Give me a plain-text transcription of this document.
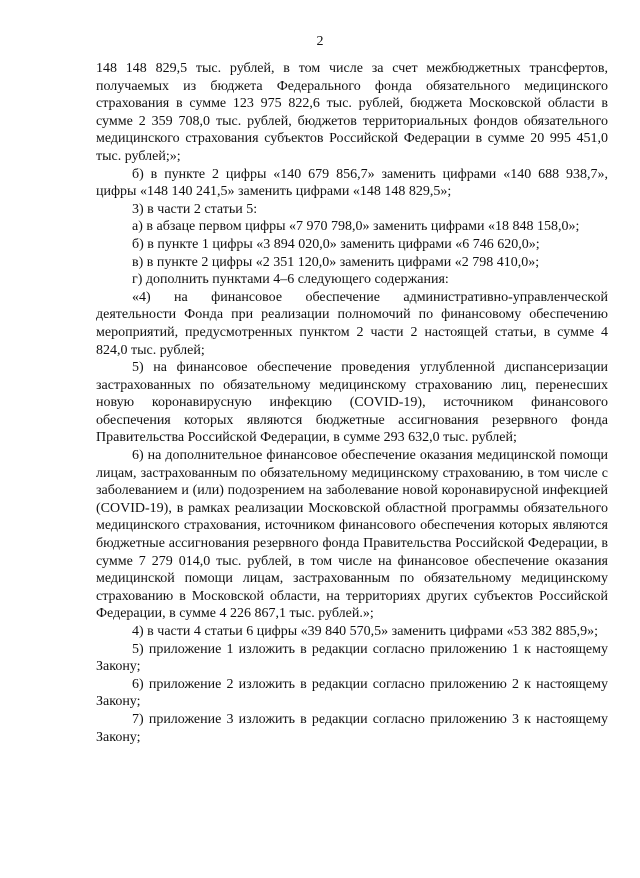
2

148 148 829,5 тыс. рублей, в том числе за счет межбюджетных трансфертов, получаемых из бюджета Федерального фонда обязательного медицинского страхования в сумме 123 975 822,6 тыс. рублей, бюджета Московской области в сумме 2 359 708,0 тыс. рублей, бюджетов территориальных фондов обязательного медицинского страхования субъектов Российской Федерации в сумме 20 995 451,0 тыс. рублей;»;

б) в пункте 2 цифры «140 679 856,7» заменить цифрами «140 688 938,7», цифры «148 140 241,5» заменить цифрами «148 148 829,5»;

3) в части 2 статьи 5:

а) в абзаце первом цифры «7 970 798,0» заменить цифрами «18 848 158,0»;

б) в пункте 1 цифры «3 894 020,0» заменить цифрами «6 746 620,0»;

в) в пункте 2 цифры «2 351 120,0» заменить цифрами «2 798 410,0»;

г) дополнить пунктами 4–6 следующего содержания:

«4) на финансовое обеспечение административно-управленческой деятельности Фонда при реализации полномочий по финансовому обеспечению мероприятий, предусмотренных пунктом 2 части 2 настоящей статьи, в сумме 4 824,0 тыс. рублей;

5) на финансовое обеспечение проведения углубленной диспансеризации застрахованных по обязательному медицинскому страхованию лиц, перенесших новую коронавирусную инфекцию (COVID-19), источником финансового обеспечения которых являются бюджетные ассигнования резервного фонда Правительства Российской Федерации, в сумме 293 632,0 тыс. рублей;

6) на дополнительное финансовое обеспечение оказания медицинской помощи лицам, застрахованным по обязательному медицинскому страхованию, в том числе с заболеванием и (или) подозрением на заболевание новой коронавирусной инфекцией (COVID-19), в рамках реализации Московской областной программы обязательного медицинского страхования, источником финансового обеспечения которых являются бюджетные ассигнования резервного фонда Правительства Российской Федерации, в сумме 7 279 014,0 тыс. рублей, в том числе на финансовое обеспечение оказания медицинской помощи лицам, застрахованным по обязательному медицинскому страхованию в Московской области, на территориях других субъектов Российской Федерации, в сумме 4 226 867,1 тыс. рублей.»;

4) в части 4 статьи 6 цифры «39 840 570,5» заменить цифрами «53 382 885,9»;

5) приложение 1 изложить в редакции согласно приложению 1 к настоящему Закону;

6) приложение 2 изложить в редакции согласно приложению 2 к настоящему Закону;

7) приложение 3 изложить в редакции согласно приложению 3 к настоящему Закону;
